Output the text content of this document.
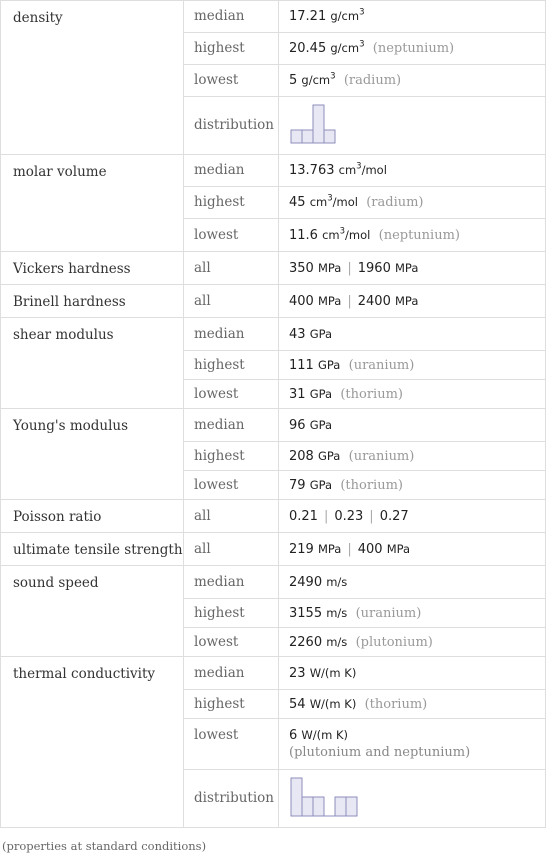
density	median	17.21 $g/cm^3$
	highest	20.45 $g/cm^3$ (neptunium)
	lowest	5 $g/cm^3$ (radium)
	distribution	

molar volume	median	13.763 $cm^3$/mol
	highest	45 $cm^3$/mol (radium)
	lowest	11.6 $cm^3$/mol (neptunium)
Vickers hardness	all	350 MPa | 1960 MPa
Brinell hardness	all	400 MPa | 2400 MPa
shear modulus	median	43 GPa
	highest	111 GPa (uranium)
	lowest	31 GPa (thorium)
Young's modulus	median	96 GPa
	highest	208 GPa (uranium)
	lowest	79 GPa (thorium)
Poisson ratio	all	0.21 | 0.23 | 0.27
ultimate tensile strength	all	219 MPa | 400 MPa
sound speed	median	2490 m/s
	highest	3155 m/s (uranium)
	lowest	2260 m/s (plutonium)
thermal conductivity	median	23 W/(m K)
	highest	54 W/(m K) (thorium)
	lowest	6 W/(m K)
(plutonium and neptunium)

	distribution	
(properties at standard conditions)
